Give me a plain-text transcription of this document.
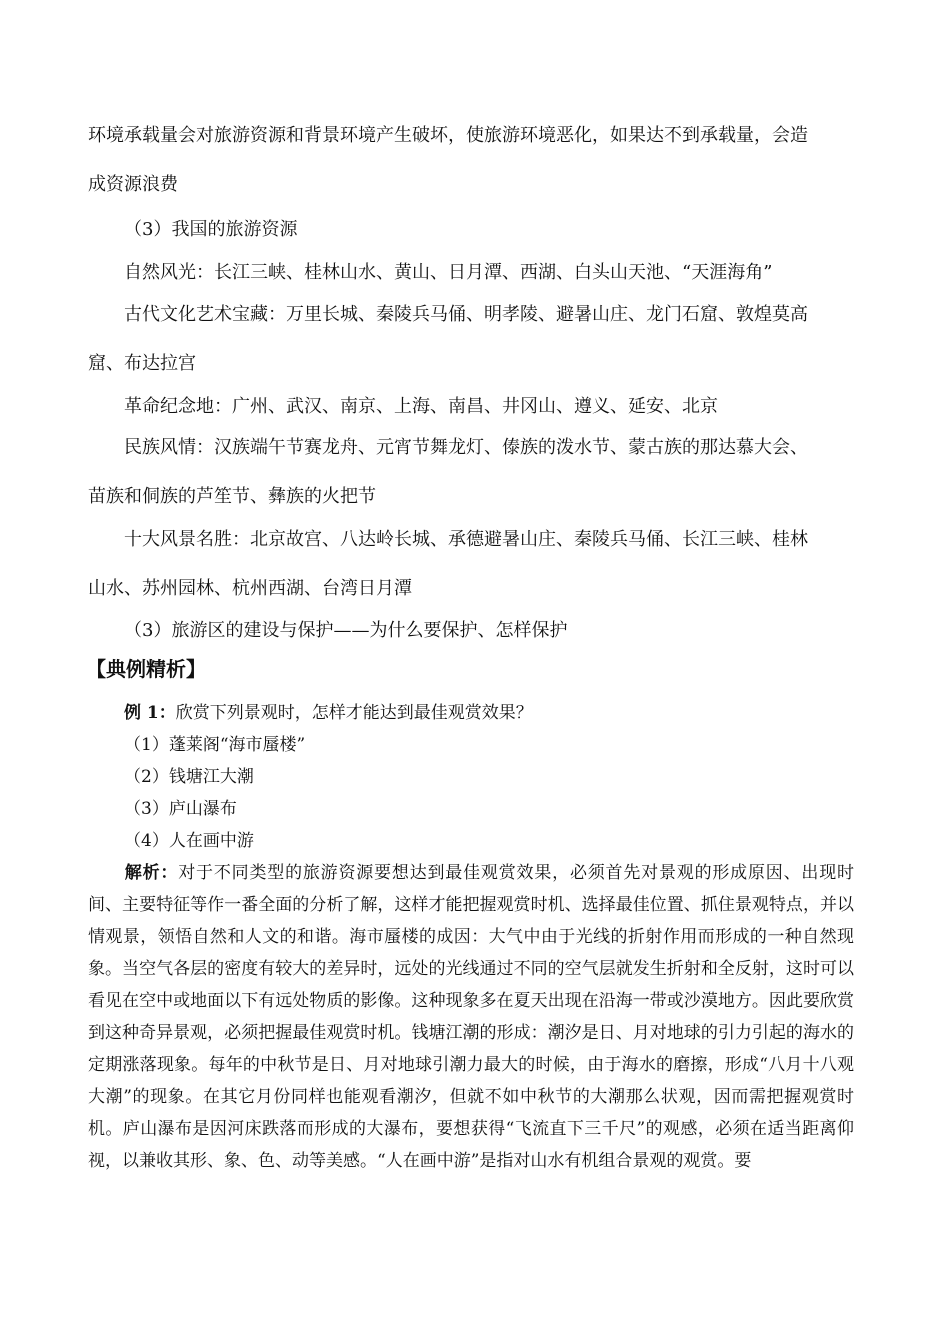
环境承载量会对旅游资源和背景环境产生破坏，使旅游环境恶化，如果达不到承载量，会造

成资源浪费

（3）我国的旅游资源

自然风光：长江三峡、桂林山水、黄山、日月潭、西湖、白头山天池、“天涯海角”

古代文化艺术宝藏：万里长城、秦陵兵马俑、明孝陵、避暑山庄、龙门石窟、敦煌莫高

窟、布达拉宫

革命纪念地：广州、武汉、南京、上海、南昌、井冈山、遵义、延安、北京

民族风情：汉族端午节赛龙舟、元宵节舞龙灯、傣族的泼水节、蒙古族的那达慕大会、

苗族和侗族的芦笙节、彝族的火把节

十大风景名胜：北京故宫、八达岭长城、承德避暑山庄、秦陵兵马俑、长江三峡、桂林

山水、苏州园林、杭州西湖、台湾日月潭

（3）旅游区的建设与保护——为什么要保护、怎样保护

【典例精析】

例 1：欣赏下列景观时，怎样才能达到最佳观赏效果？

（1）蓬莱阁“海市蜃楼”

（2）钱塘江大潮

（3）庐山瀑布

（4）人在画中游

解析：对于不同类型的旅游资源要想达到最佳观赏效果，必须首先对景观的形成原因、出现时间、主要特征等作一番全面的分析了解，这样才能把握观赏时机、选择最佳位置、抓住景观特点，并以情观景，领悟自然和人文的和谐。海市蜃楼的成因：大气中由于光线的折射作用而形成的一种自然现象。当空气各层的密度有较大的差异时，远处的光线通过不同的空气层就发生折射和全反射，这时可以看见在空中或地面以下有远处物质的影像。这种现象多在夏天出现在沿海一带或沙漠地方。因此要欣赏到这种奇异景观，必须把握最佳观赏时机。钱塘江潮的形成：潮汐是日、月对地球的引力引起的海水的定期涨落现象。每年的中秋节是日、月对地球引潮力最大的时候，由于海水的磨擦，形成“八月十八观大潮”的现象。在其它月份同样也能观看潮汐，但就不如中秋节的大潮那么状观，因而需把握观赏时机。庐山瀑布是因河床跌落而形成的大瀑布，要想获得“飞流直下三千尺”的观感，必须在适当距离仰视，以兼收其形、象、色、动等美感。“人在画中游”是指对山水有机组合景观的观赏。要
